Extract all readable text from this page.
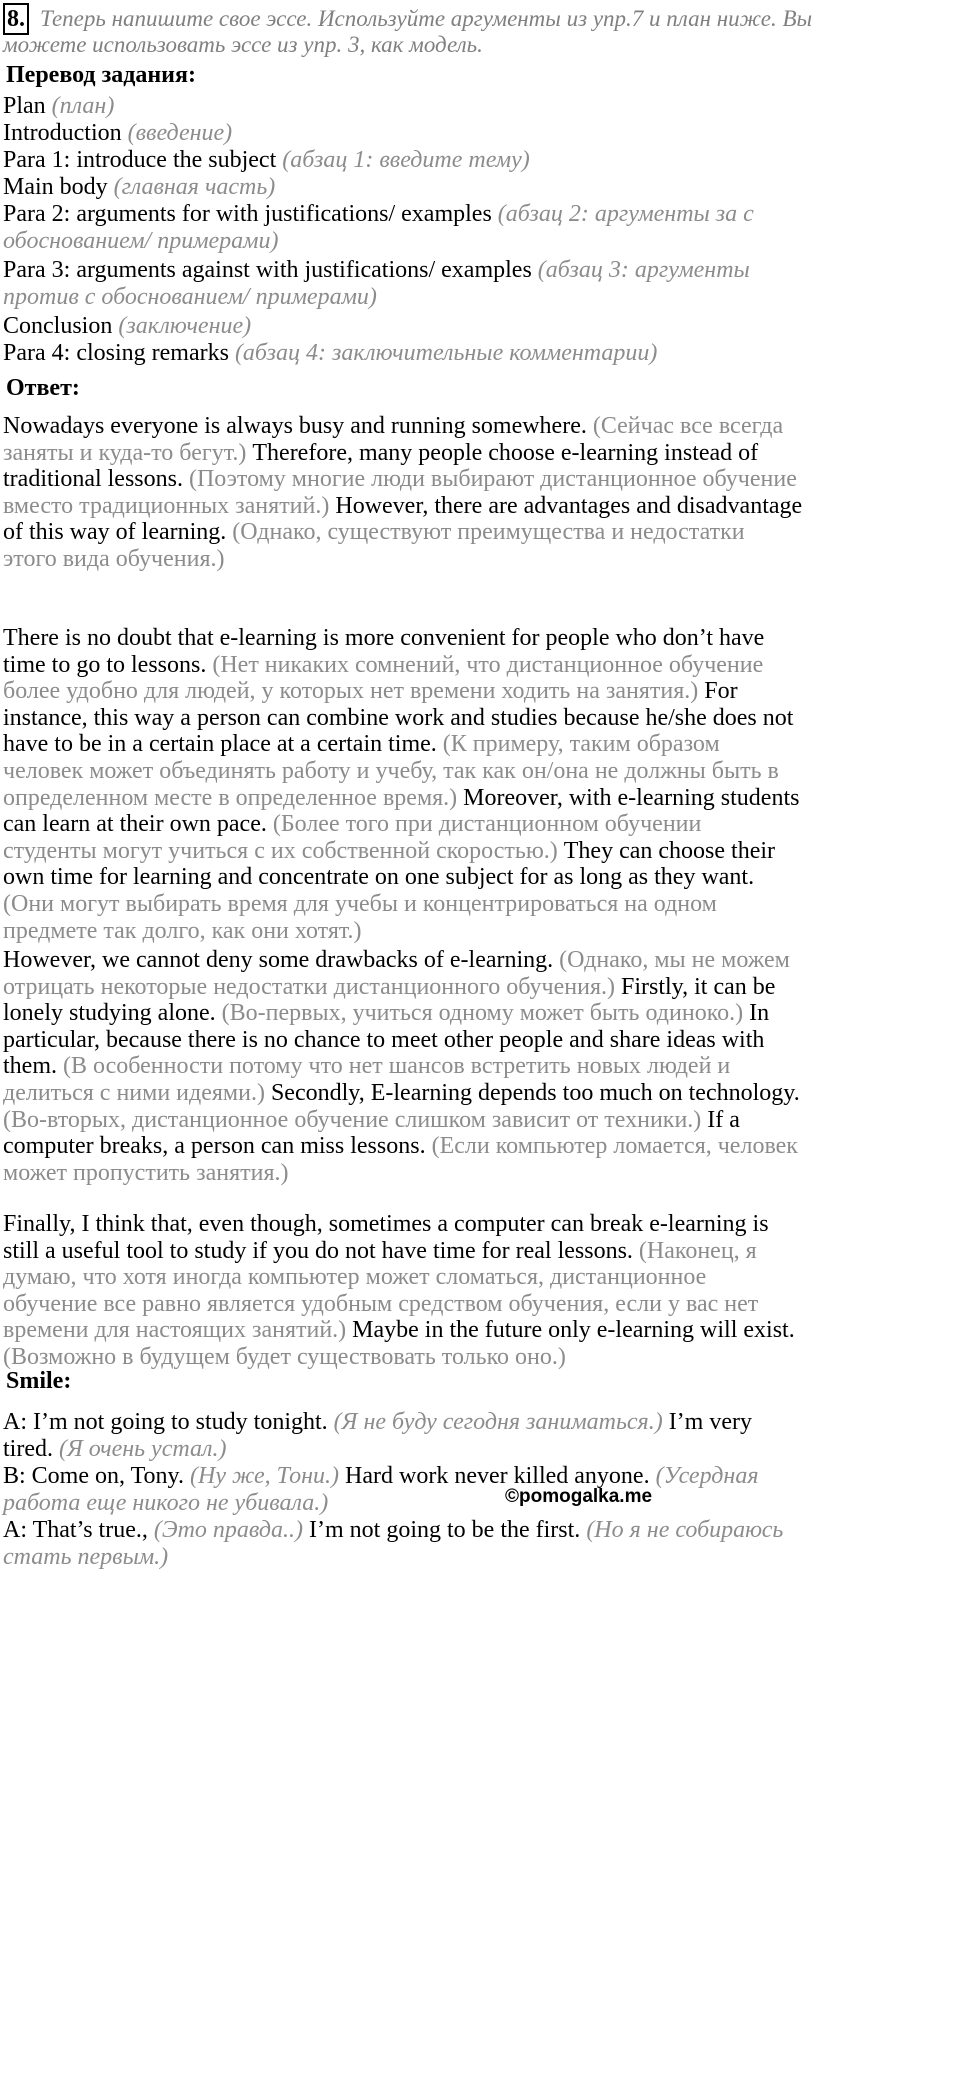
8. Теперь напишите свое эссе. Используйте аргументы из упр.7 и план ниже. Вы
можете использовать эссе из упр. 3, как модель.
Перевод задания:
Plan (план)
Introduction (введение)
Para 1: introduce the subject (абзац 1: введите тему)
Main body (главная часть)
Para 2: arguments for with justifications/ examples (абзац 2: аргументы за с
обоснованием/ примерами)
Para 3: arguments against with justifications/ examples (абзац 3: аргументы
против с обоснованием/ примерами)
Conclusion (заключение)
Para 4: closing remarks (абзац 4: заключительные комментарии)
Ответ:
Nowadays everyone is always busy and running somewhere. (Сейчас все всегда
заняты и куда-то бегут.) Therefore, many people choose e-learning instead of
traditional lessons. (Поэтому многие люди выбирают дистанционное обучение
вместо традиционных занятий.) However, there are advantages and disadvantage
of this way of learning. (Однако, существуют преимущества и недостатки
этого вида обучения.)
There is no doubt that e-learning is more convenient for people who don’t have
time to go to lessons. (Нет никаких сомнений, что дистанционное обучение
более удобно для людей, у которых нет времени ходить на занятия.) For
instance, this way a person can combine work and studies because he/she does not
have to be in a certain place at a certain time. (К примеру, таким образом
человек может объединять работу и учебу, так как он/она не должны быть в
определенном месте в определенное время.) Moreover, with e-learning students
can learn at their own pace. (Более того при дистанционном обучении
студенты могут учиться с их собственной скоростью.) They can choose their
own time for learning and concentrate on one subject for as long as they want.
(Они могут выбирать время для учебы и концентрироваться на одном
предмете так долго, как они хотят.)
However, we cannot deny some drawbacks of e-learning. (Однако, мы не можем
отрицать некоторые недостатки дистанционного обучения.) Firstly, it can be
lonely studying alone. (Во-первых, учиться одному может быть одиноко.) In
particular, because there is no chance to meet other people and share ideas with
them. (В особенности потому что нет шансов встретить новых людей и
делиться с ними идеями.) Secondly, E-learning depends too much on technology.
(Во-вторых, дистанционное обучение слишком зависит от техники.) If a
computer breaks, a person can miss lessons. (Если компьютер ломается, человек
может пропустить занятия.)
Finally, I think that, even though, sometimes a computer can break e-learning is
still a useful tool to study if you do not have time for real lessons. (Наконец, я
думаю, что хотя иногда компьютер может сломаться, дистанционное
обучение все равно является удобным средством обучения, если у вас нет
времени для настоящих занятий.) Maybe in the future only e-learning will exist.
(Возможно в будущем будет существовать только оно.)
Smile:
A: I’m not going to study tonight. (Я не буду сегодня заниматься.) I’m very
tired. (Я очень устал.)
B: Come on, Tony. (Ну же, Тони.) Hard work never killed anyone. (Усердная
работа еще никого не убивала.)
A: That’s true., (Это правда..) I’m not going to be the first. (Но я не собираюсь
стать первым.)
©pomogalka.me
